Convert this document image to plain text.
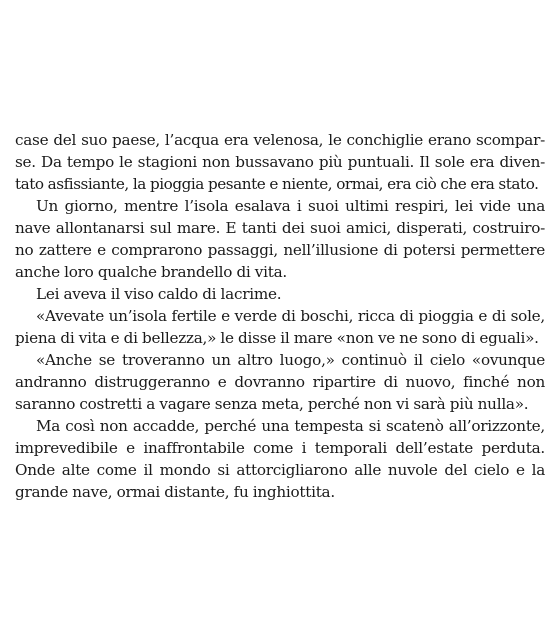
case del suo paese, l’acqua era velenosa, le conchiglie erano scompar-
se. Da tempo le stagioni non bussavano più puntuali. Il sole era diven-
tato asfissiante, la pioggia pesante e niente, ormai, era ciò che era stato.
Un giorno, mentre l’isola esalava i suoi ultimi respiri, lei vide una
nave allontanarsi sul mare. E tanti dei suoi amici, disperati, costruiro-
no zattere e comprarono passaggi, nell’illusione di potersi permettere
anche loro qualche brandello di vita.
Lei aveva il viso caldo di lacrime.
«Avevate un’isola fertile e verde di boschi, ricca di pioggia e di sole,
piena di vita e di bellezza,» le disse il mare «non ve ne sono di eguali».
«Anche se troveranno un altro luogo,» continuò il cielo «ovunque
andranno distruggeranno e dovranno ripartire di nuovo, finché non
saranno costretti a vagare senza meta, perché non vi sarà più nulla».
Ma così non accadde, perché una tempesta si scatenò all’orizzonte,
imprevedibile e inaffrontabile come i temporali dell’estate perduta.
Onde alte come il mondo si attorcigliarono alle nuvole del cielo e la
grande nave, ormai distante, fu inghiottita.
